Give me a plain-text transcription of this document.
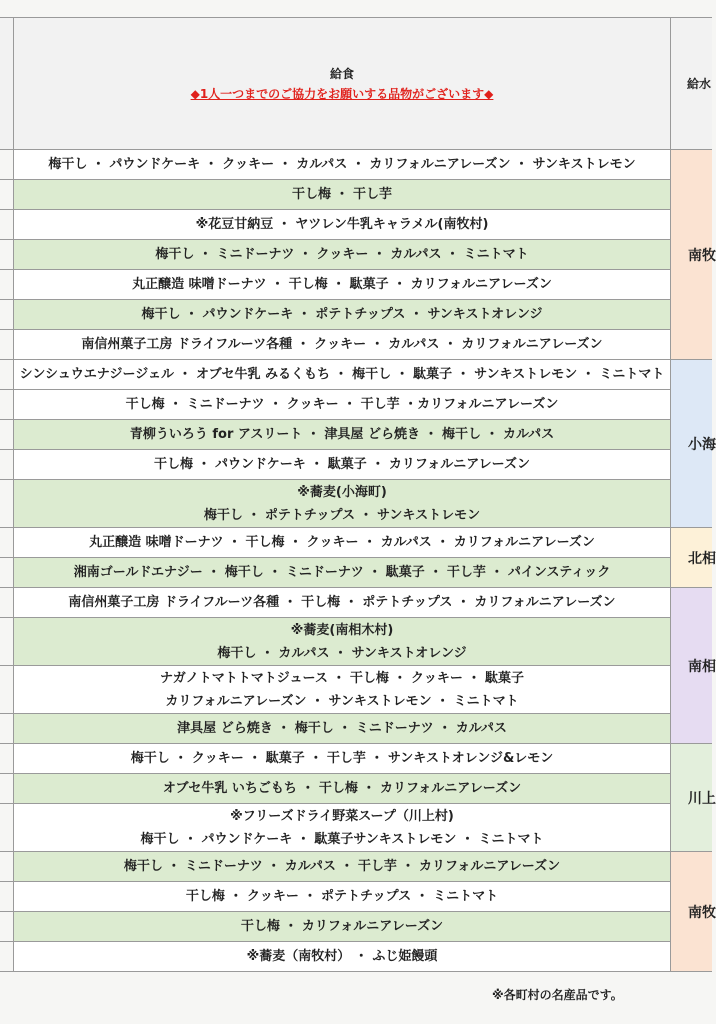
給食
◆1人一つまでのご協力をお願いする品物がございます◆
給水
梅干し ・ パウンドケーキ ・ クッキー ・ カルパス ・ カリフォルニアレーズン ・ サンキストレモン
干し梅 ・ 干し芋
※花豆甘納豆 ・ ヤツレン牛乳キャラメル(南牧村)
梅干し ・ ミニドーナツ ・ クッキー ・ カルパス ・ ミニトマト
丸正醸造 味噌ドーナツ ・ 干し梅 ・ 駄菓子 ・ カリフォルニアレーズン
梅干し ・ パウンドケーキ ・ ポテトチップス ・ サンキストオレンジ
南信州菓子工房 ドライフルーツ各種 ・ クッキー ・ カルパス ・ カリフォルニアレーズン
シンシュウエナジージェル ・ オブセ牛乳 みるくもち ・ 梅干し ・ 駄菓子 ・ サンキストレモン ・ ミニトマト
干し梅 ・ ミニドーナツ ・ クッキー ・ 干し芋 ・カリフォルニアレーズン
青柳ういろう for アスリート ・ 津具屋 どら焼き ・ 梅干し ・ カルパス
干し梅 ・ パウンドケーキ ・ 駄菓子 ・ カリフォルニアレーズン
※蕎麦(小海町)
梅干し ・ ポテトチップス ・ サンキストレモン
丸正醸造 味噌ドーナツ ・ 干し梅 ・ クッキー ・ カルパス ・ カリフォルニアレーズン
湘南ゴールドエナジー ・ 梅干し ・ ミニドーナツ ・ 駄菓子 ・ 干し芋 ・ パインスティック
南信州菓子工房 ドライフルーツ各種 ・ 干し梅 ・ ポテトチップス ・ カリフォルニアレーズン
※蕎麦(南相木村)
梅干し ・ カルパス ・ サンキストオレンジ
ナガノトマトトマトジュース ・ 干し梅 ・ クッキー ・ 駄菓子
カリフォルニアレーズン ・ サンキストレモン ・ ミニトマト
津具屋 どら焼き ・ 梅干し ・ ミニドーナツ ・ カルパス
梅干し ・ クッキー ・ 駄菓子 ・ 干し芋 ・ サンキストオレンジ&レモン
オブセ牛乳 いちごもち ・ 干し梅 ・ カリフォルニアレーズン
※フリーズドライ野菜スープ（川上村)
梅干し ・ パウンドケーキ ・ 駄菓子サンキストレモン ・ ミニトマト
梅干し ・ ミニドーナツ ・ カルパス ・ 干し芋 ・ カリフォルニアレーズン
干し梅 ・ クッキー ・ ポテトチップス ・ ミニトマト
干し梅 ・ カリフォルニアレーズン
※蕎麦（南牧村） ・ ふじ姫饅頭
南牧
小海
北相
南相
川上
南牧
※各町村の名産品です。
